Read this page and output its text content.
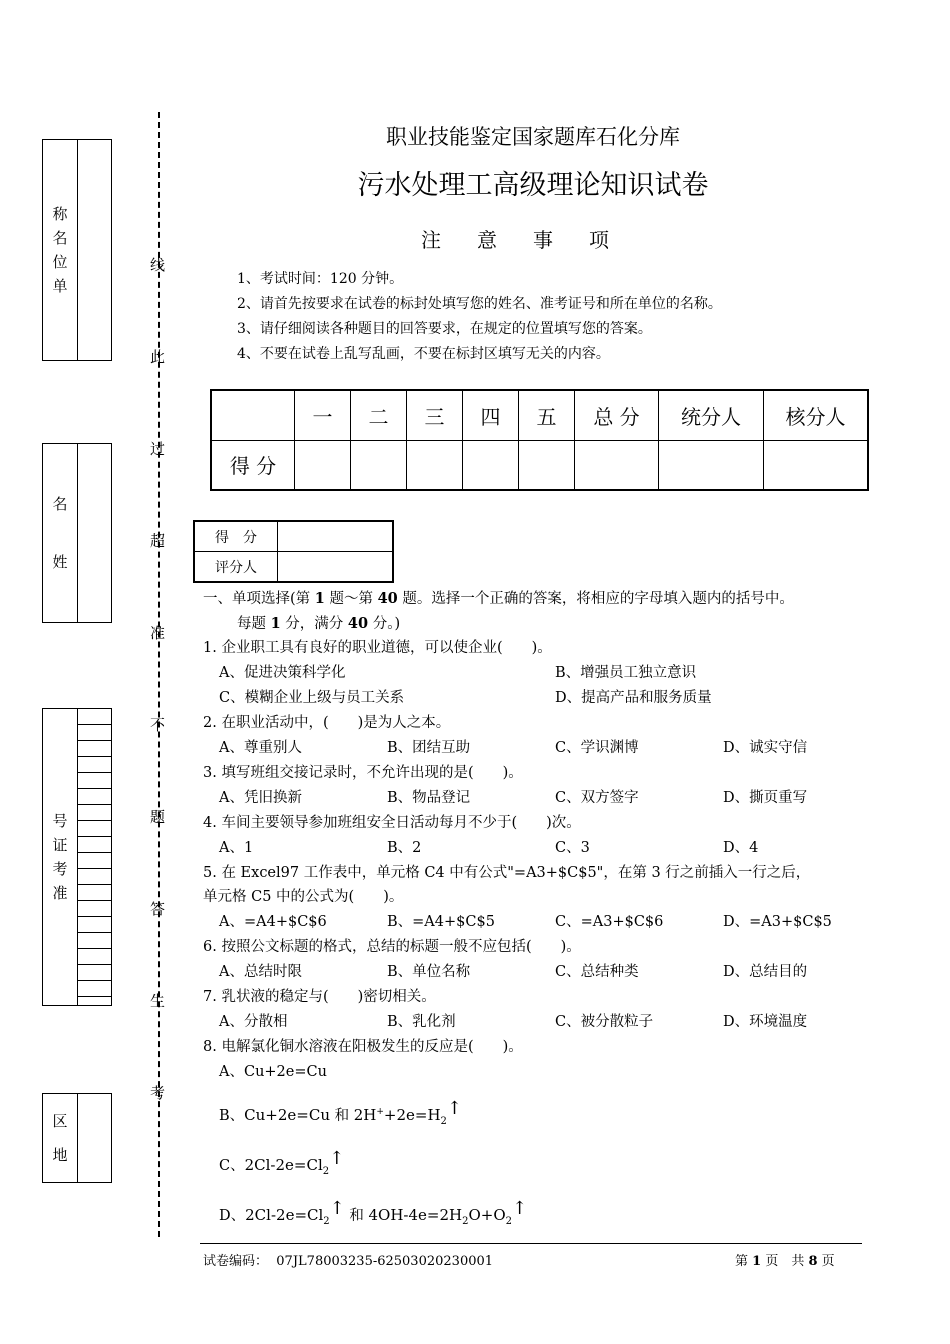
称
名
位
单
名
姓
号
证
考
准
区
地
线
此
过
超
准
不
题
答
生
考
职业技能鉴定国家题库石化分库
污水处理工高级理论知识试卷
注意事项
1、考试时间：120 分钟。
2、请首先按要求在试卷的标封处填写您的姓名、准考证号和所在单位的名称。
3、请仔细阅读各种题目的回答要求，在规定的位置填写您的答案。
4、不要在试卷上乱写乱画，不要在标封区填写无关的内容。
	一	二	三	四	五	总 分	统分人	核分人
得 分								
得　分	
评分人	
一、单项选择(第 1 题～第 40 题。选择一个正确的答案，将相应的字母填入题内的括号中。
每题 1 分，满分 40 分。)
1. 企业职工具有良好的职业道德，可以使企业(　　)。
A、促进决策科学化	B、增强员工独立意识
C、模糊企业上级与员工关系	D、提高产品和服务质量
2. 在职业活动中，(　　)是为人之本。
A、尊重别人	B、团结互助	C、学识渊博	D、诚实守信
3. 填写班组交接记录时，不允许出现的是(　　)。
A、凭旧换新	B、物品登记	C、双方签字	D、撕页重写
4. 车间主要领导参加班组安全日活动每月不少于(　　)次。
A、1	B、2	C、3	D、4
5. 在 Excel97 工作表中，单元格 C4 中有公式"=A3+$C$5"，在第 3 行之前插入一行之后，
单元格 C5 中的公式为(　　)。
A、=A4+$C$6	B、=A4+$C$5	C、=A3+$C$6	D、=A3+$C$5
6. 按照公文标题的格式，总结的标题一般不应包括(　　)。
A、总结时限	B、单位名称	C、总结种类	D、总结目的
7. 乳状液的稳定与(　　)密切相关。
A、分散相	B、乳化剂	C、被分散粒子	D、环境温度
8. 电解氯化铜水溶液在阳极发生的反应是(　　)。
A、Cu+2e=Cu
B、Cu+2e=Cu 和 $2H^++2e=H_2↑$
C、$2Cl-2e=Cl_2↑$
D、$2Cl-2e=Cl_2↑$ 和 $4OH-4e=2H_2O+O_2↑$
试卷编码： 07JL78003235-62503020230001	第 1 页　共 8 页
